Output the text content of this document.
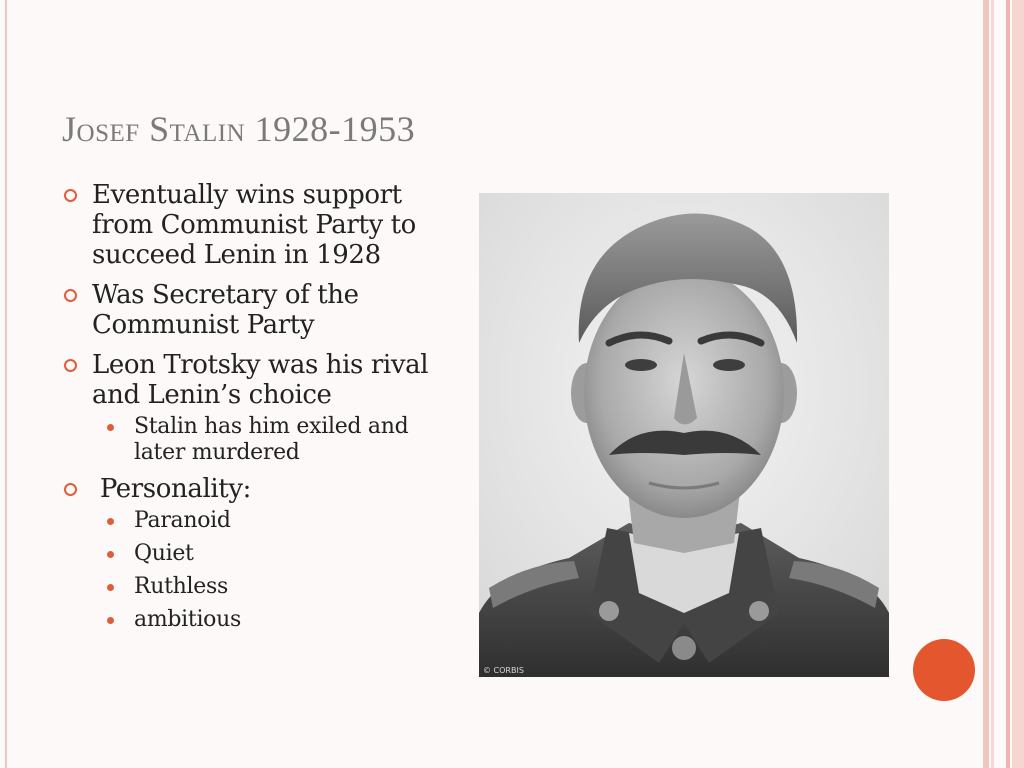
Josef Stalin 1928-1953
Eventually wins support from Communist Party to succeed Lenin in 1928
Was Secretary of the Communist Party
Leon Trotsky was his rival and Lenin’s choice
Stalin has him exiled and later murdered
Personality:
Paranoid
Quiet
Ruthless
ambitious
© CORBIS
